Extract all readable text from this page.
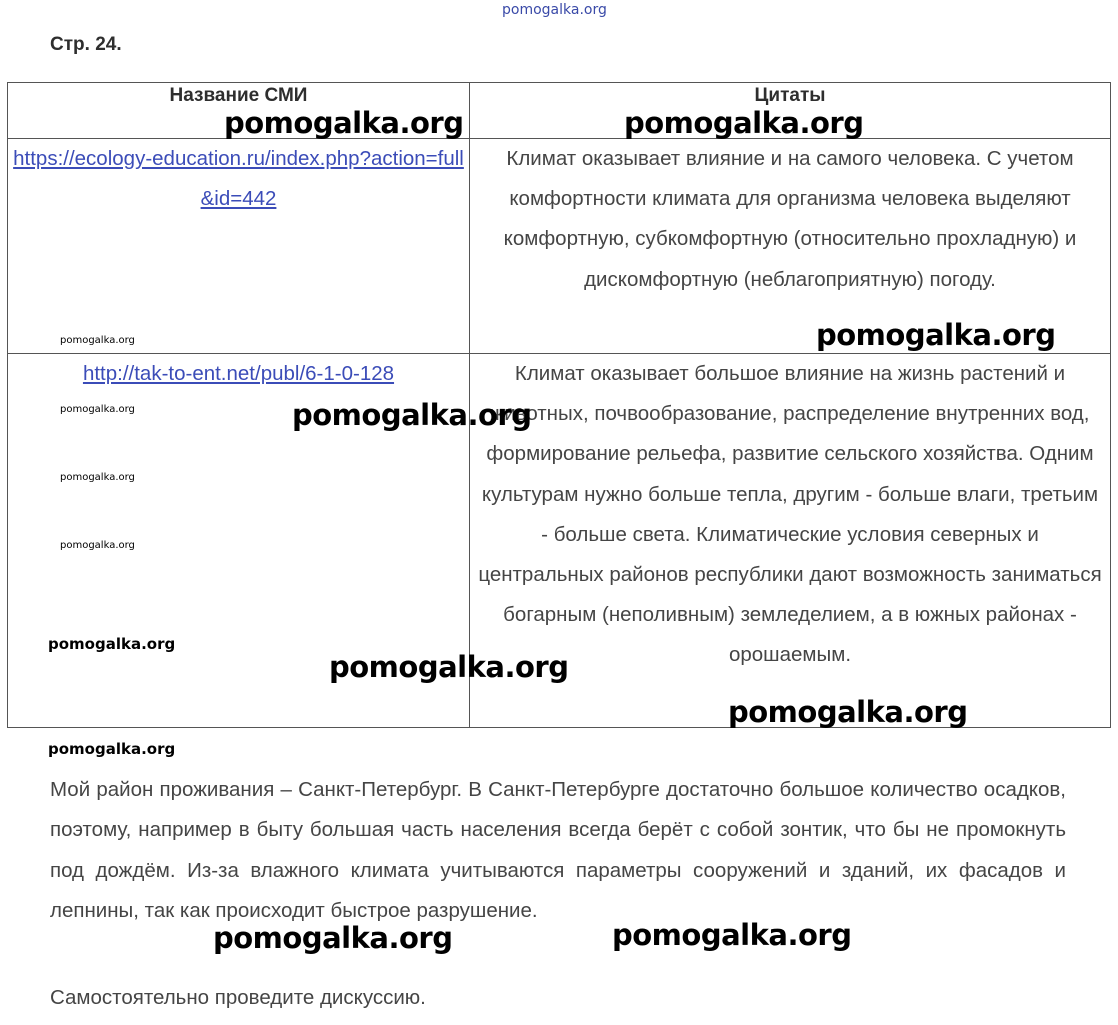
pomogalka.org
Стр. 24.
Название СМИ	Цитаты

https://ecology-education.ru/index.php?action=full&id=442	Климат оказывает влияние и на самого человека. С учетом комфортности климата для организма человека выделяют комфортную, субкомфортную (относительно прохладную) и дискомфортную (неблагоприятную) погоду.
http://tak-to-ent.net/publ/6-1-0-128	Климат оказывает большое влияние на жизнь растений и животных, почвообразование, распределение внутренних вод, формирование рельефа, развитие сельского хозяйства. Одним культурам нужно больше тепла, другим - больше влаги, третьим - больше света. Климатические условия северных и центральных районов республики дают возможность заниматься богарным (неполивным) земледелием, а в южных районах - орошаемым.

Мой район проживания – Санкт-Петербург. В Санкт-Петербурге достаточно большое количество осадков, поэтому, например в быту большая часть населения всегда берёт с собой зонтик, что бы не промокнуть под дождём. Из-за влажного климата учитываются параметры сооружений и зданий, их фасадов и лепнины, так как происходит быстрое разрушение.

Самостоятельно проведите дискуссию.

pomogalka.org	pomogalka.org
pomogalka.org
pomogalka.org
pomogalka.org
pomogalka.org
pomogalka.org	pomogalka.org
pomogalka.org
pomogalka.org
pomogalka.org
pomogalka.org
pomogalka.org
pomogalka.org
